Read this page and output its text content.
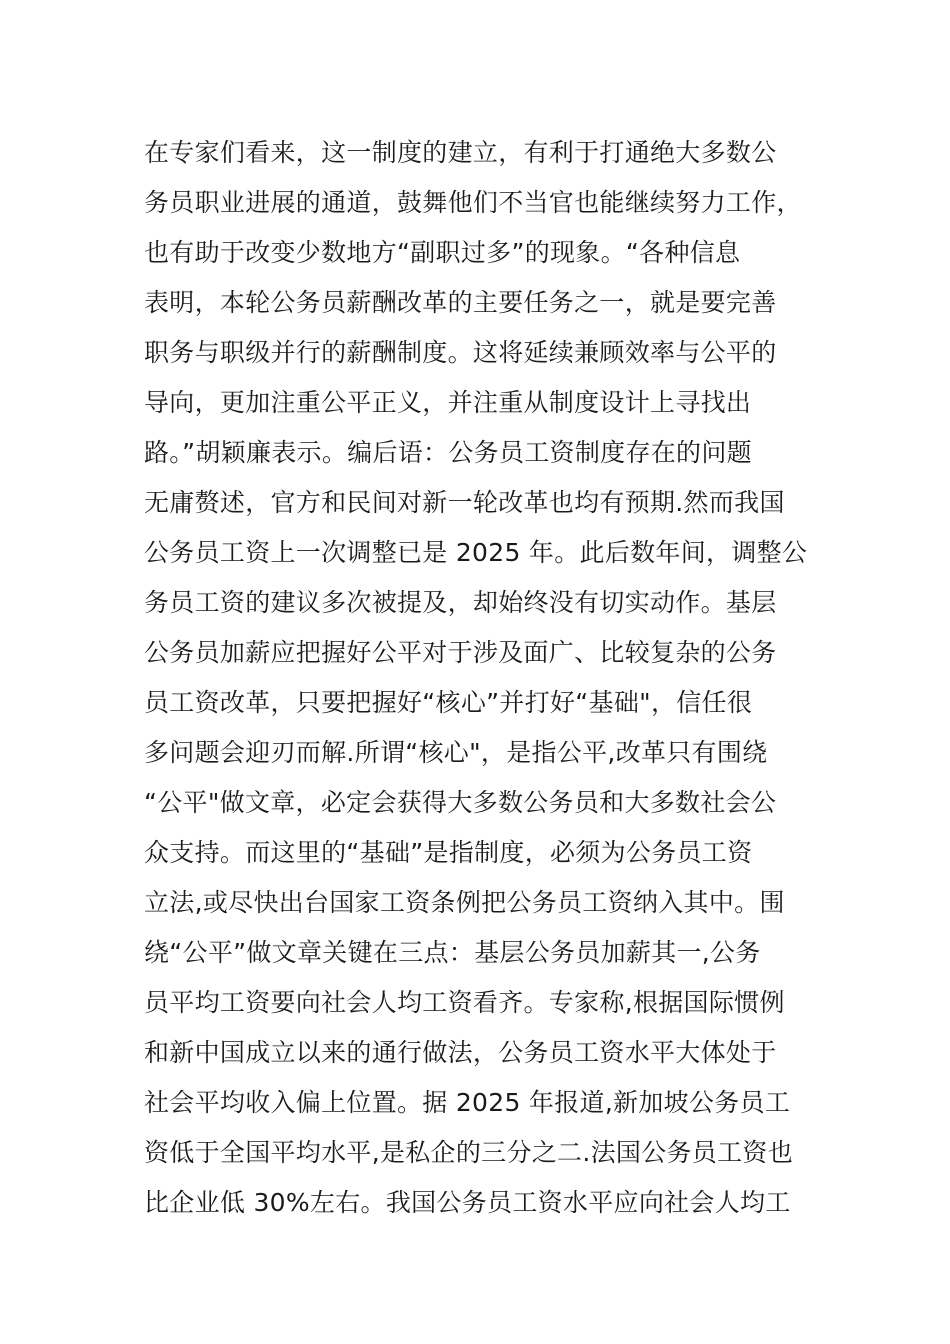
在专家们看来，这一制度的建立，有利于打通绝大多数公
务员职业进展的通道，鼓舞他们不当官也能继续努力工作，
也有助于改变少数地方“副职过多”的现象。“各种信息
表明，本轮公务员薪酬改革的主要任务之一，就是要完善
职务与职级并行的薪酬制度。这将延续兼顾效率与公平的
导向，更加注重公平正义，并注重从制度设计上寻找出
路。”胡颖廉表示。编后语：公务员工资制度存在的问题
无庸赘述，官方和民间对新一轮改革也均有预期.然而我国
公务员工资上一次调整已是 2025 年。此后数年间，调整公
务员工资的建议多次被提及，却始终没有切实动作。基层
公务员加薪应把握好公平对于涉及面广、比较复杂的公务
员工资改革，只要把握好“核心”并打好“基础"，信任很
多问题会迎刃而解.所谓“核心"，是指公平,改革只有围绕
“公平"做文章，必定会获得大多数公务员和大多数社会公
众支持。而这里的“基础”是指制度，必须为公务员工资
立法,或尽快出台国家工资条例把公务员工资纳入其中。围
绕“公平”做文章关键在三点：基层公务员加薪其一,公务
员平均工资要向社会人均工资看齐。专家称,根据国际惯例
和新中国成立以来的通行做法，公务员工资水平大体处于
社会平均收入偏上位置。据 2025 年报道,新加坡公务员工
资低于全国平均水平,是私企的三分之二.法国公务员工资也
比企业低 30%左右。我国公务员工资水平应向社会人均工
